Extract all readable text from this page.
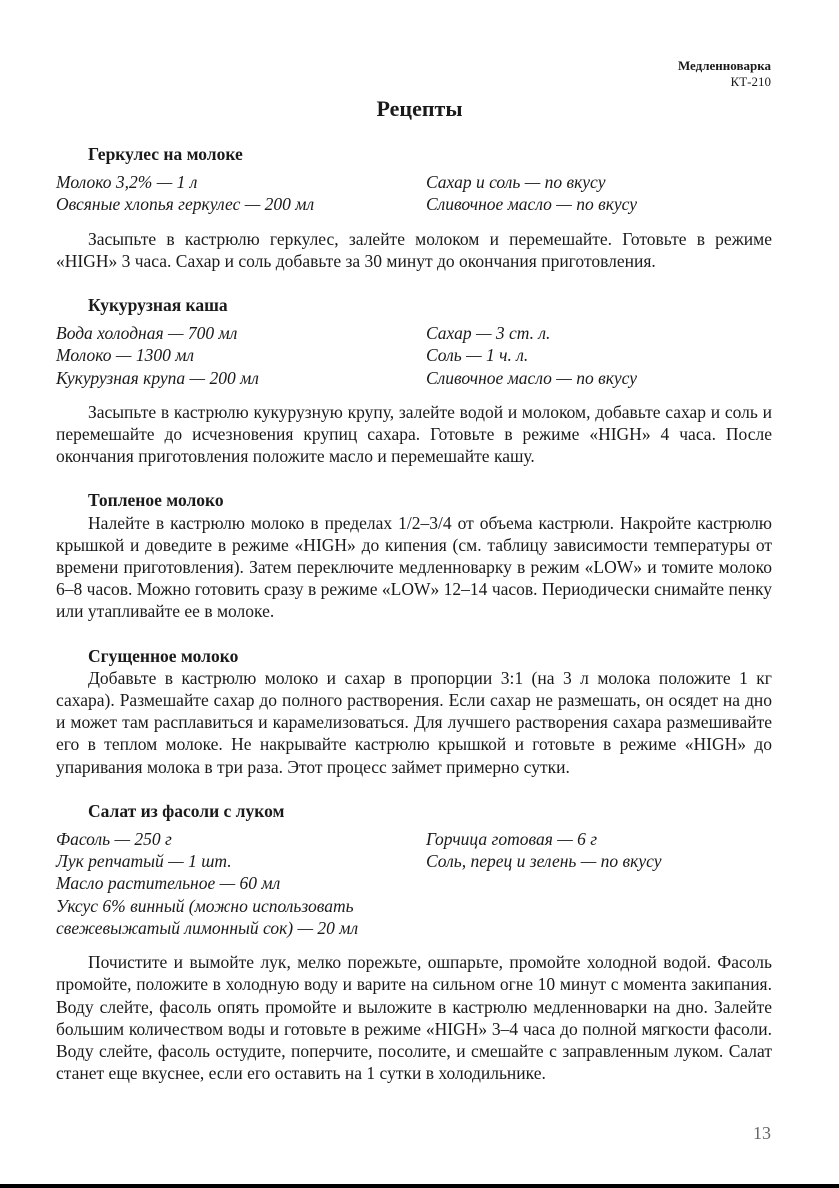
Медленноварка
КТ-210
Рецепты
Геркулес на молоке
Молоко 3,2% — 1 л
Овсяные хлопья геркулес — 200 мл
Сахар и соль — по вкусу
Сливочное масло — по вкусу

Засыпьте в кастрюлю геркулес, залейте молоком и перемешайте. Готовьте в режиме «HIGH» 3 часа. Сахар и соль добавьте за 30 минут до окончания приготовления.

Кукурузная каша
Вода холодная — 700 мл
Молоко — 1300 мл
Кукурузная крупа — 200 мл
Сахар — 3 ст. л.
Соль — 1 ч. л.
Сливочное масло — по вкусу

Засыпьте в кастрюлю кукурузную крупу, залейте водой и молоком, добавьте сахар и соль и перемешайте до исчезновения крупиц сахара. Готовьте в режиме «HIGH» 4 часа. После окончания приготовления положите масло и перемешайте кашу.

Топленое молоко

Налейте в кастрюлю молоко в пределах 1/2–3/4 от объема кастрюли. Накройте кастрюлю крышкой и доведите в режиме «HIGH» до кипения (см. таблицу зависимости температуры от времени приготовления). Затем переключите медленноварку в режим «LOW» и томите молоко 6–8 часов. Можно готовить сразу в режиме «LOW» 12–14 часов. Периодически снимайте пенку или утапливайте ее в молоке.

Сгущенное молоко

Добавьте в кастрюлю молоко и сахар в пропорции 3:1 (на 3 л молока положите 1 кг сахара). Размешайте сахар до полного растворения. Если сахар не размешать, он осядет на дно и может там расплавиться и карамелизоваться. Для лучшего растворения сахара размешивайте его в теплом молоке. Не накрывайте кастрюлю крышкой и готовьте в режиме «HIGH» до упаривания молока в три раза. Этот процесс займет примерно сутки.

Салат из фасоли с луком
Фасоль — 250 г
Лук репчатый — 1 шт.
Масло растительное — 60 мл
Уксус 6% винный (можно использовать
свежевыжатый лимонный сок) — 20 мл
Горчица готовая — 6 г
Соль, перец и зелень — по вкусу

Почистите и вымойте лук, мелко порежьте, ошпарьте, промойте холодной водой. Фасоль промойте, положите в холодную воду и варите на сильном огне 10 минут с момента закипания. Воду слейте, фасоль опять промойте и выложите в кастрюлю медленноварки на дно. Залейте большим количеством воды и готовьте в режиме «HIGH» 3–4 часа до полной мягкости фасоли. Воду слейте, фасоль остудите, поперчите, посолите, и смешайте с заправленным луком. Салат станет еще вкуснее, если его оставить на 1 сутки в холодильнике.

13
